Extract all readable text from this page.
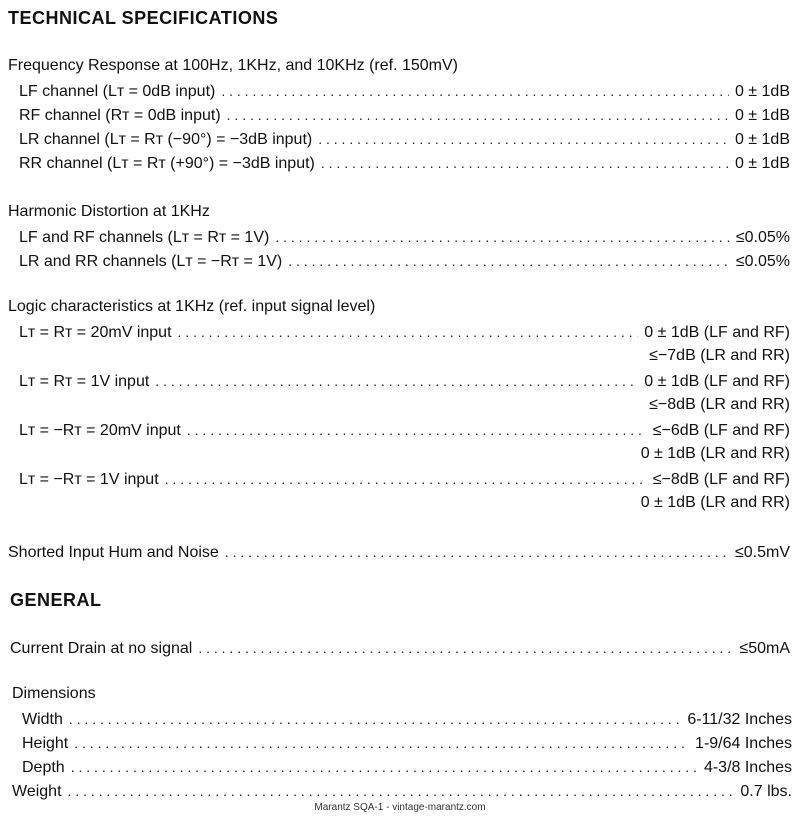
TECHNICAL SPECIFICATIONS
Frequency Response at 100Hz, 1KHz, and 10KHz (ref. 150mV)
LF channel (Lᴛ = 0dB input) . . .	0 ± 1dB
RF channel (Rᴛ = 0dB input) . . .	0 ± 1dB
LR channel (Lᴛ = Rᴛ (−90°) = −3dB input) . . .	0 ± 1dB
RR channel (Lᴛ = Rᴛ (+90°) = −3dB input) . . .	0 ± 1dB
Harmonic Distortion at 1KHz
LF and RF channels (Lᴛ = Rᴛ = 1V) . . .	≤0.05%
LR and RR channels (Lᴛ = −Rᴛ = 1V) . . .	≤0.05%
Logic characteristics at 1KHz (ref. input signal level)
Lᴛ = Rᴛ = 20mV input . . .	0 ± 1dB (LF and RF)
≤−7dB (LR and RR)
Lᴛ = Rᴛ = 1V input . . .	0 ± 1dB (LF and RF)
≤−8dB (LR and RR)
Lᴛ = −Rᴛ = 20mV input . . .	≤−6dB (LF and RF)
0 ± 1dB (LR and RR)
Lᴛ = −Rᴛ = 1V input . . .	≤−8dB (LF and RF)
0 ± 1dB (LR and RR)
Shorted Input Hum and Noise . . .	≤0.5mV
GENERAL
Current Drain at no signal . . .	≤50mA
Dimensions
Width . . .	6-11/32 Inches
Height . . .	1-9/64 Inches
Depth . . .	4-3/8 Inches
Weight . . .	0.7 lbs.
Marantz SQA-1 - vintage-marantz.com
